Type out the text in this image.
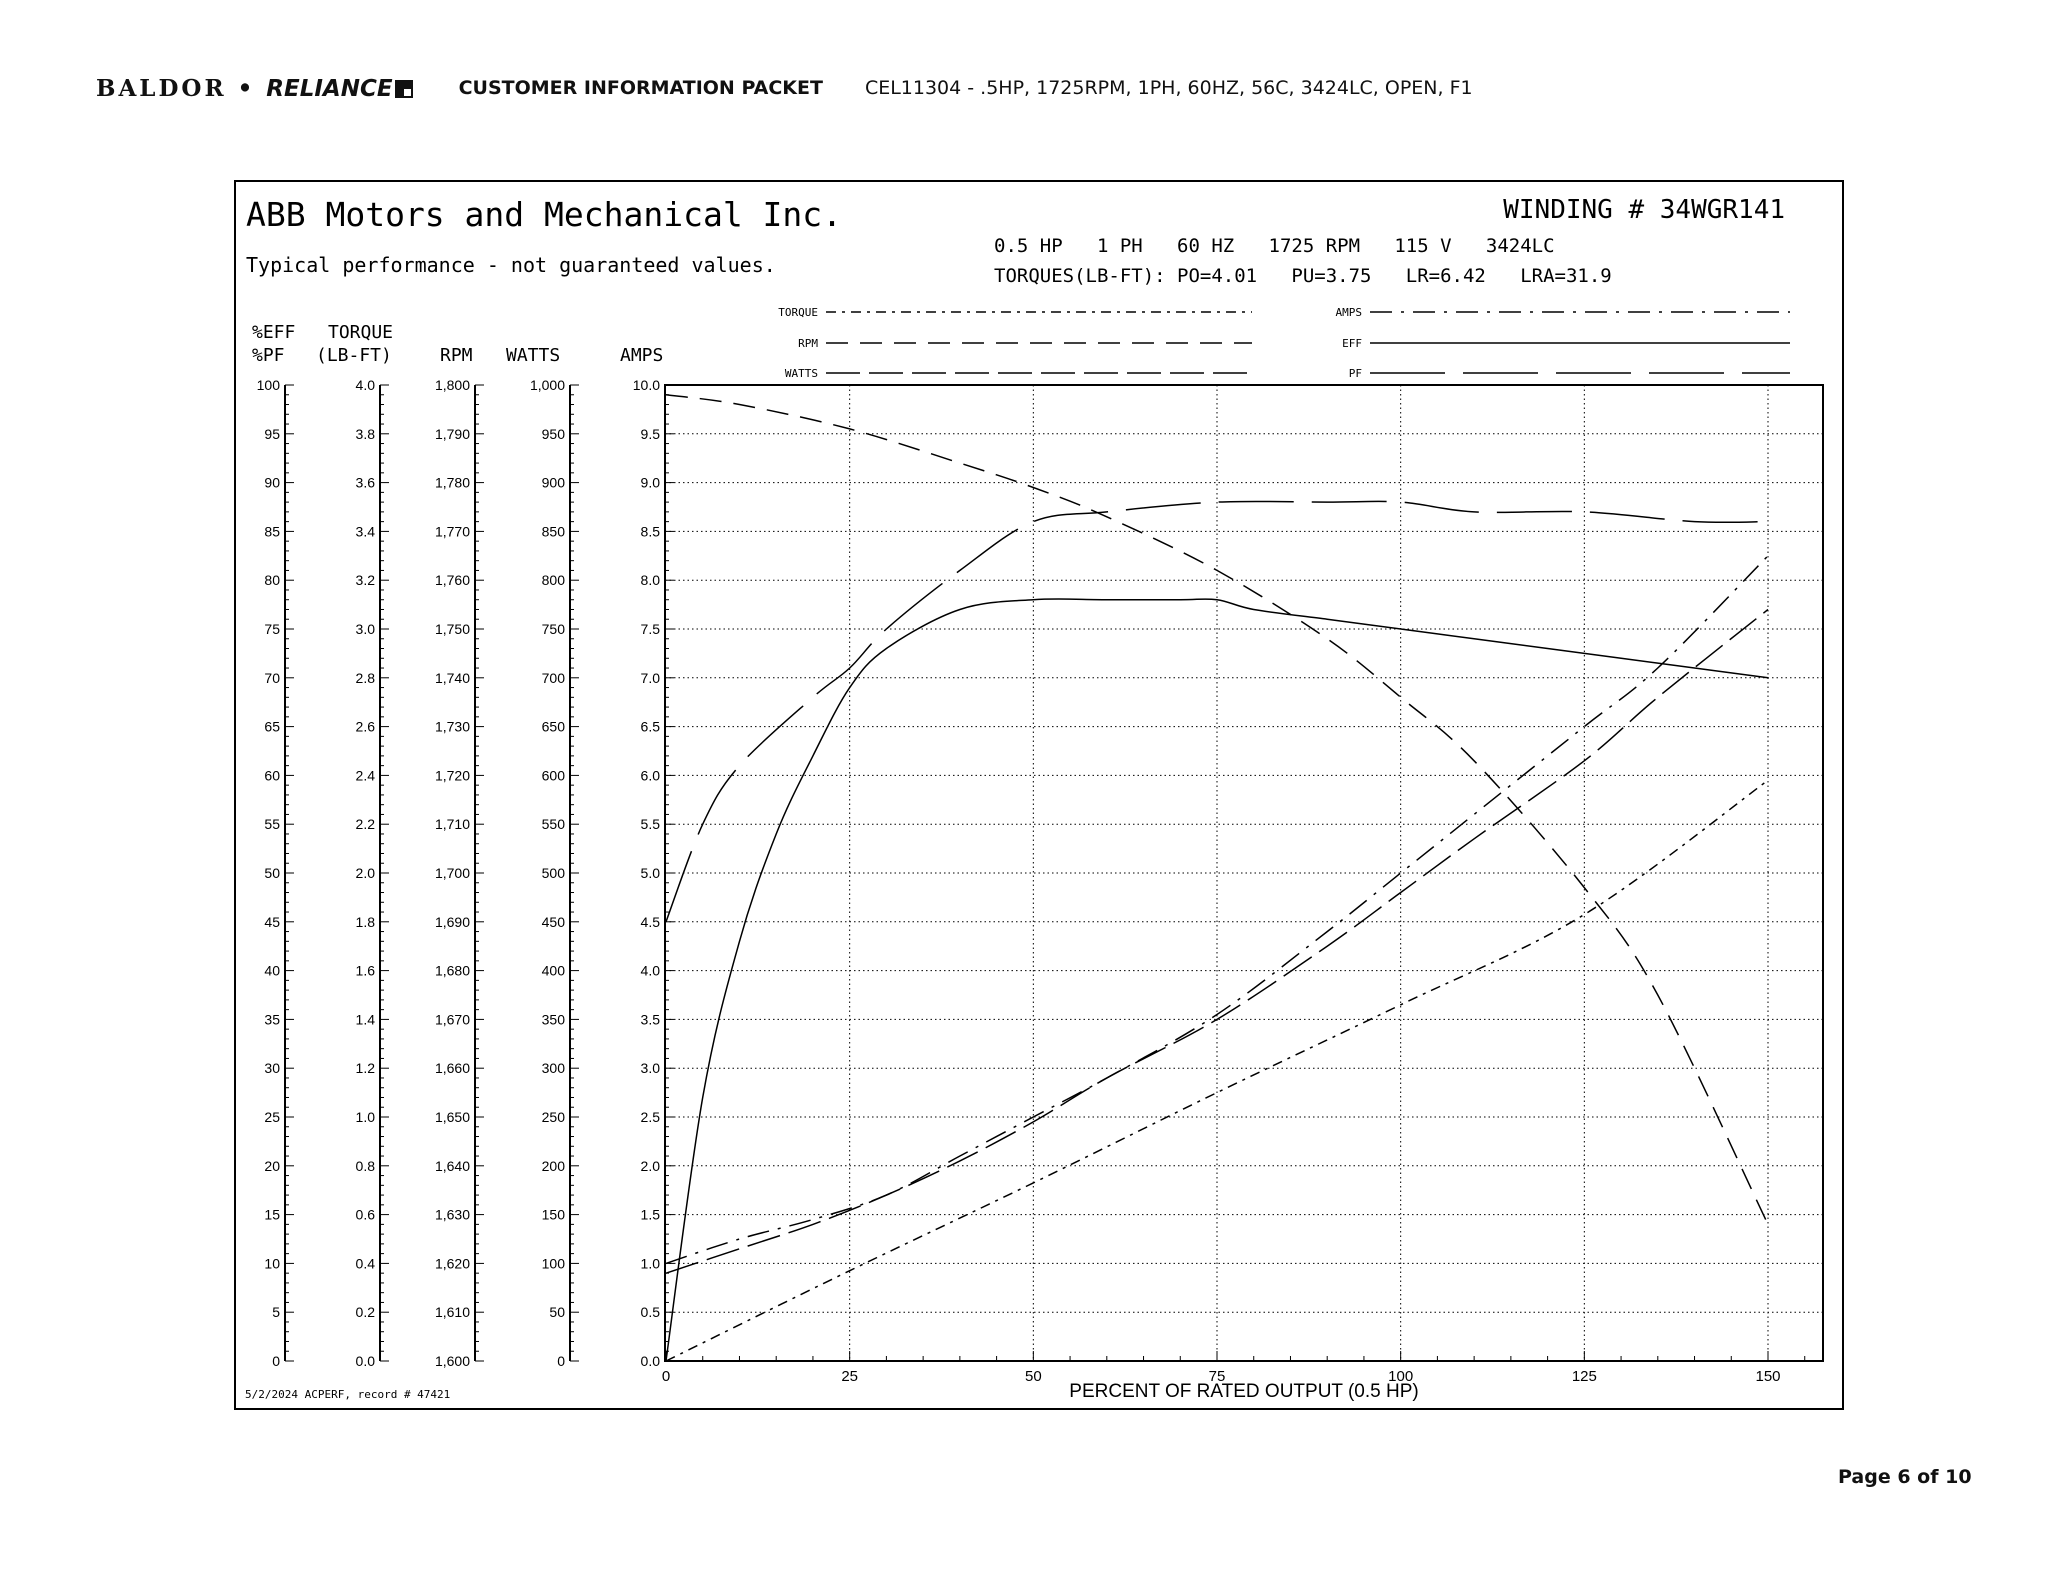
BALDOR • RELIANCE	CUSTOMER INFORMATION PACKET CEL11304 - .5HP, 1725RPM, 1PH, 60HZ, 56C, 3424LC, OPEN, F1
ABB Motors and Mechanical Inc.
Typical performance - not guaranteed values.
WINDING # 34WGR141
0.5 HP   1 PH   60 HZ   1725 RPM   115 V   3424LC
TORQUES(LB-FT): PO=4.01   PU=3.75   LR=6.42   LRA=31.9
5/2/2024 ACPERF, record # 47421
TORQUE
RPM
WATTS
AMPS
EFF
PF
%EFF
%PF
TORQUE
(LB-FT)	RPM WATTS	AMPS
PERCENT OF RATED OUTPUT (0.5 HP)
100
95
90
85
80
75
70
65
60
55
50
45
40
35
30
25
20
15
10
5
0
4.0
3.8
3.6
3.4
3.2
3.0
2.8
2.6
2.4
2.2
2.0
1.8
1.6
1.4
1.2
1.0
0.8
0.6
0.4
0.2
0.0
1,800
1,790
1,780
1,770
1,760
1,750
1,740
1,730
1,720
1,710
1,700
1,690
1,680
1,670
1,660
1,650
1,640
1,630
1,620
1,610
1,600
1,000
950
900
850
800
750
700
650
600
550
500
450
400
350
300
250
200
150
100
50
0
10.0
9.5
9.0
8.5
8.0
7.5
7.0
6.5
6.0
5.5
5.0
4.5
4.0
3.5
3.0
2.5
2.0
1.5
1.0
0.5
0.0
0	25	50	75	100	125	150
Page 6 of 10
